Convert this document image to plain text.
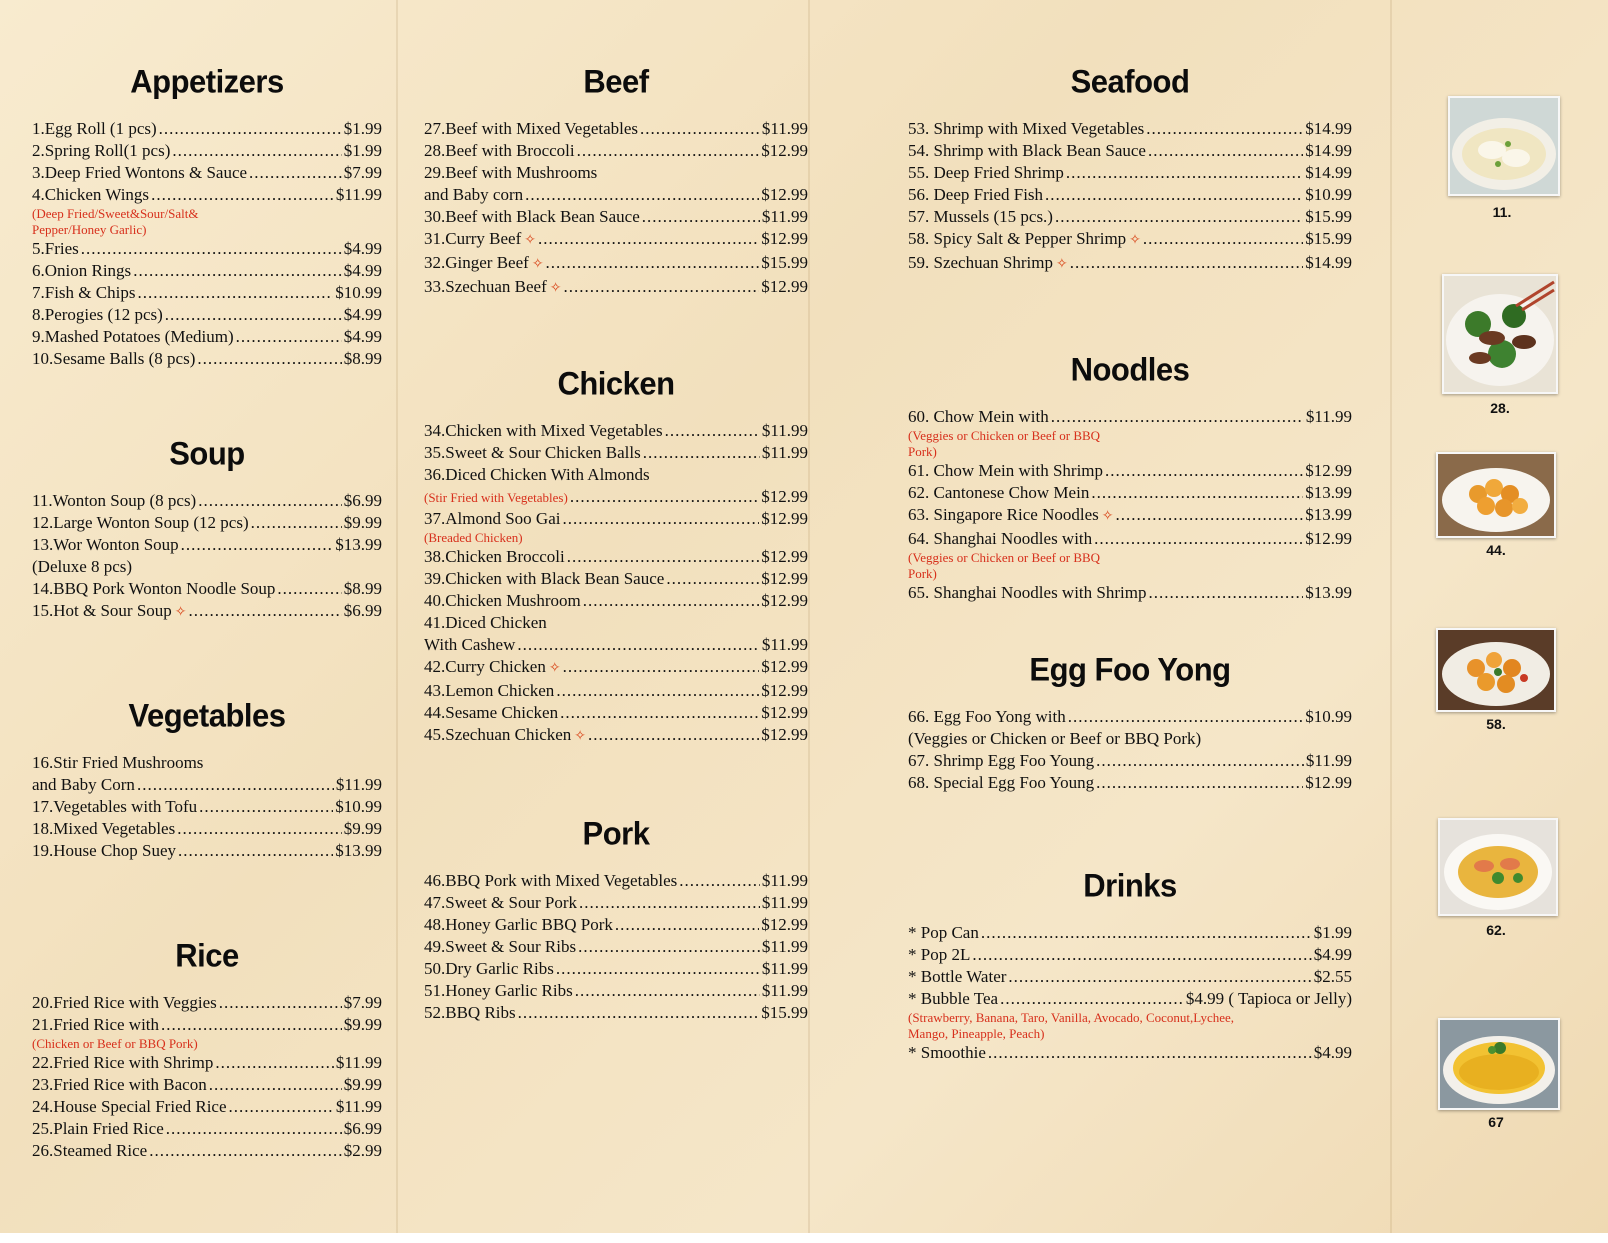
Appetizers
1.Egg Roll (1 pcs) .....	$1.99
2.Spring Roll(1 pcs) .....	$1.99
3.Deep Fried Wontons & Sauce .....	$7.99
4.Chicken Wings .....	$11.99
(Deep Fried/Sweet&Sour/Salt& Pepper/Honey Garlic)
5.Fries .....	$4.99
6.Onion Rings .....	$4.99
7.Fish & Chips .....	$10.99
8.Perogies (12 pcs) .....	$4.99
9.Mashed Potatoes (Medium) .....	$4.99
10.Sesame Balls (8 pcs) .....	$8.99
Soup
11.Wonton Soup (8 pcs) .....	$6.99
12.Large Wonton Soup (12 pcs) .....	$9.99
13.Wor Wonton Soup .....	$13.99
(Deluxe 8 pcs)
14.BBQ Pork Wonton Noodle Soup .....	$8.99
15.Hot & Sour Soup ✧ .....	$6.99
Vegetables
16.Stir Fried Mushrooms
and Baby Corn .....	$11.99
17.Vegetables with Tofu .....	$10.99
18.Mixed Vegetables .....	$9.99
19.House Chop Suey .....	$13.99
Rice
20.Fried Rice with Veggies .....	$7.99
21.Fried Rice with .....	$9.99
(Chicken or Beef or BBQ Pork)
22.Fried Rice with Shrimp .....	$11.99
23.Fried Rice with Bacon .....	$9.99
24.House Special Fried Rice .....	$11.99
25.Plain Fried Rice .....	$6.99
26.Steamed Rice .....	$2.99
Beef
27.Beef with Mixed Vegetables .....	$11.99
28.Beef with Broccoli .....	$12.99
29.Beef with Mushrooms
and Baby corn .....	$12.99
30.Beef with Black Bean Sauce .....	$11.99
31.Curry Beef ✧ .....	$12.99
32.Ginger Beef ✧ .....	$15.99
33.Szechuan Beef ✧ .....	$12.99
Chicken
34.Chicken with Mixed Vegetables .....	$11.99
35.Sweet & Sour Chicken Balls .....	$11.99
36.Diced Chicken With Almonds
(Stir Fried with Vegetables) .....	$12.99
37.Almond Soo Gai .....	$12.99
(Breaded Chicken)
38.Chicken Broccoli .....	$12.99
39.Chicken with Black Bean Sauce .....	$12.99
40.Chicken Mushroom .....	$12.99
41.Diced Chicken
With Cashew .....	$11.99
42.Curry Chicken ✧ .....	$12.99
43.Lemon Chicken .....	$12.99
44.Sesame Chicken .....	$12.99
45.Szechuan Chicken ✧ .....	$12.99
Pork
46.BBQ Pork with Mixed Vegetables .....	$11.99
47.Sweet & Sour Pork .....	$11.99
48.Honey Garlic BBQ Pork .....	$12.99
49.Sweet & Sour Ribs .....	$11.99
50.Dry Garlic Ribs .....	$11.99
51.Honey Garlic Ribs .....	$11.99
52.BBQ Ribs .....	$15.99
Seafood
53. Shrimp with Mixed Vegetables .....	$14.99
54. Shrimp with Black Bean Sauce .....	$14.99
55. Deep Fried Shrimp .....	$14.99
56. Deep Fried Fish .....	$10.99
57. Mussels (15 pcs.) .....	$15.99
58. Spicy Salt & Pepper Shrimp ✧ .....	$15.99
59. Szechuan Shrimp ✧ .....	$14.99
Noodles
60. Chow Mein with .....	$11.99
(Veggies or Chicken or Beef or BBQ Pork)
61. Chow Mein with Shrimp .....	$12.99
62. Cantonese Chow Mein .....	$13.99
63. Singapore Rice Noodles ✧ .....	$13.99
64. Shanghai Noodles with .....	$12.99
(Veggies or Chicken or Beef or BBQ Pork)
65. Shanghai Noodles with Shrimp .....	$13.99
Egg Foo Yong
66. Egg Foo Yong with .....	$10.99
(Veggies or Chicken or Beef or BBQ Pork)
67. Shrimp Egg Foo Young .....	$11.99
68. Special Egg Foo Young .....	$12.99
Drinks
* Pop Can .....	$1.99
* Pop 2L .....	$4.99
* Bottle Water .....	$2.55
* Bubble Tea .....	$4.99 ( Tapioca or Jelly)
(Strawberry, Banana, Taro, Vanilla, Avocado, Coconut,Lychee, Mango, Pineapple, Peach)
* Smoothie .....	$4.99
11.
28.
44.
58.
62.
67
